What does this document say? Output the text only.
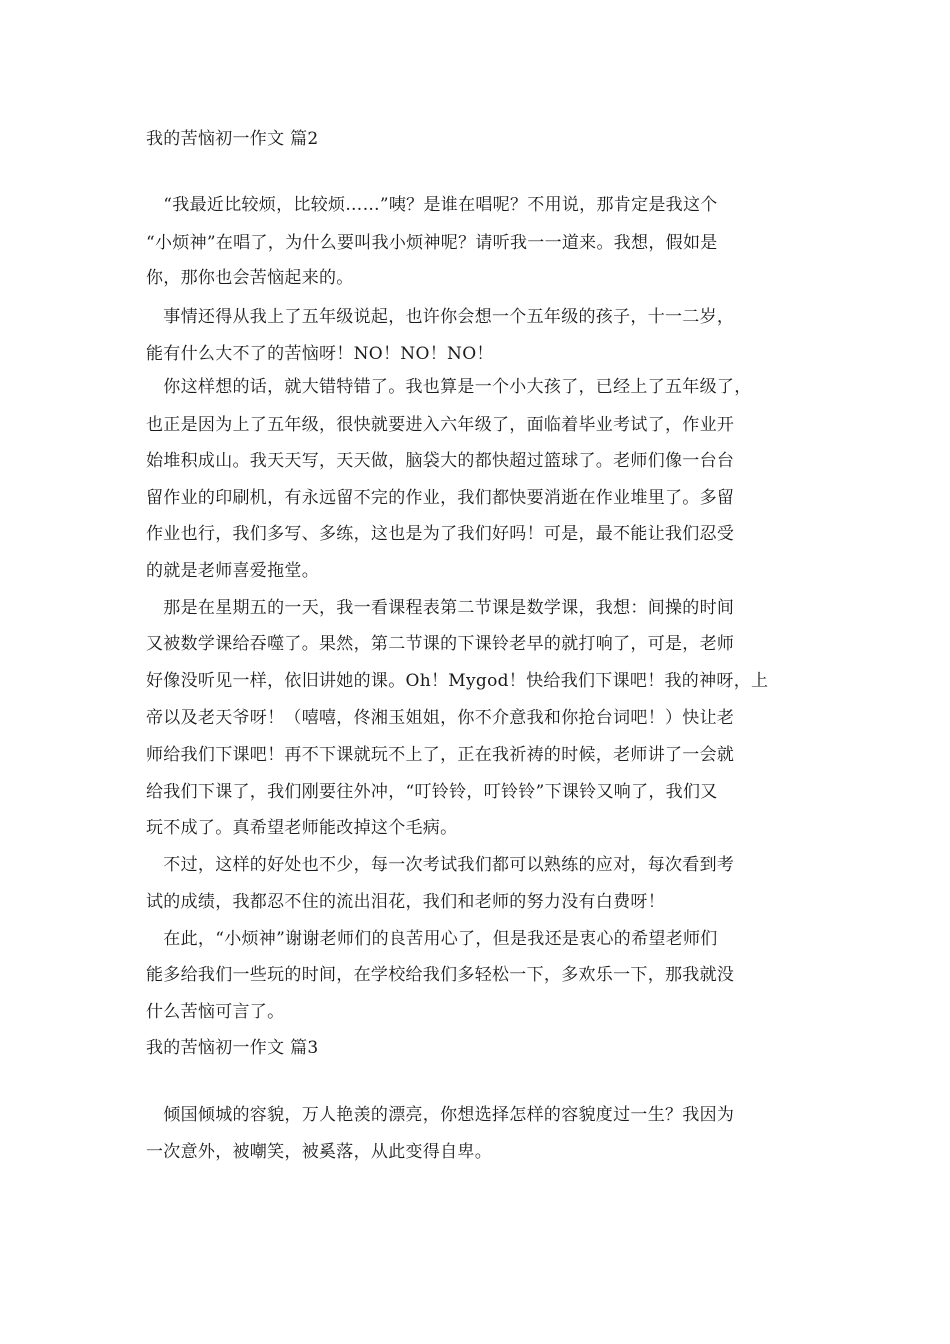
我的苦恼初一作文 篇2
　“我最近比较烦，比较烦……”咦？是谁在唱呢？不用说，那肯定是我这个
“小烦神”在唱了，为什么要叫我小烦神呢？请听我一一道来。我想，假如是
你，那你也会苦恼起来的。
　事情还得从我上了五年级说起，也许你会想一个五年级的孩子，十一二岁，
能有什么大不了的苦恼呀！NO！NO！NO！
　你这样想的话，就大错特错了。我也算是一个小大孩了，已经上了五年级了，
也正是因为上了五年级，很快就要进入六年级了，面临着毕业考试了，作业开
始堆积成山。我天天写，天天做，脑袋大的都快超过篮球了。老师们像一台台
留作业的印刷机，有永远留不完的作业，我们都快要消逝在作业堆里了。多留
作业也行，我们多写、多练，这也是为了我们好吗！可是，最不能让我们忍受
的就是老师喜爱拖堂。
　那是在星期五的一天，我一看课程表第二节课是数学课，我想：间操的时间
又被数学课给吞噬了。果然，第二节课的下课铃老早的就打响了，可是，老师
好像没听见一样，依旧讲她的课。Oh！Mygod！快给我们下课吧！我的神呀，上
帝以及老天爷呀！（嘻嘻，佟湘玉姐姐，你不介意我和你抢台词吧！）快让老
师给我们下课吧！再不下课就玩不上了，正在我祈祷的时候，老师讲了一会就
给我们下课了，我们刚要往外冲，“叮铃铃，叮铃铃”下课铃又响了，我们又
玩不成了。真希望老师能改掉这个毛病。
　不过，这样的好处也不少，每一次考试我们都可以熟练的应对，每次看到考
试的成绩，我都忍不住的流出泪花，我们和老师的努力没有白费呀！
　在此，“小烦神”谢谢老师们的良苦用心了，但是我还是衷心的希望老师们
能多给我们一些玩的时间，在学校给我们多轻松一下，多欢乐一下，那我就没
什么苦恼可言了。
我的苦恼初一作文 篇3
　倾国倾城的容貌，万人艳羡的漂亮，你想选择怎样的容貌度过一生？我因为
一次意外，被嘲笑，被奚落，从此变得自卑。
